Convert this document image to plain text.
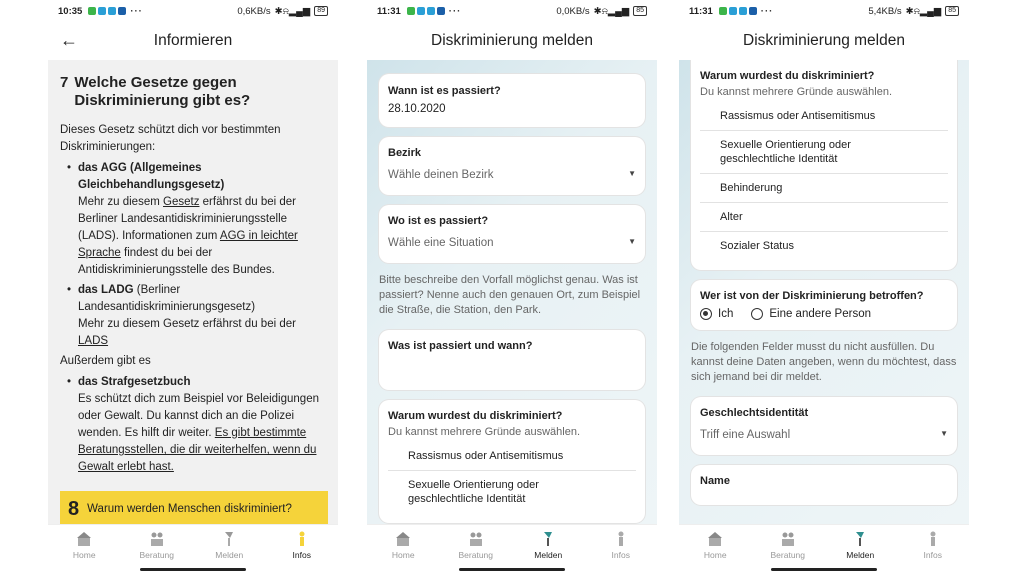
10:35	···	0,6KB/s ✱⍾▂▄▆	89
←	Informieren
7 Welche Gesetze gegen Diskriminierung gibt es?

Dieses Gesetz schützt dich vor bestimmten Diskriminierungen:

• das AGG (Allgemeines Gleichbehandlungsgesetz)
Mehr zu diesem Gesetz erfährst du bei der Berliner Landesantidiskriminierungsstelle (LADS). Informationen zum AGG in leichter Sprache findest du bei der Antidiskriminierungsstelle des Bundes.
• das LADG (Berliner Landesantidiskriminierungsgesetz)
Mehr zu diesem Gesetz erfährst du bei der LADS

Außerdem gibt es

• das Strafgesetzbuch
Es schützt dich zum Beispiel vor Beleidigungen oder Gewalt. Du kannst dich an die Polizei wenden. Es hilft dir weiter. Es gibt bestimmte Beratungsstellen, die dir weiterhelfen, wenn du Gewalt erlebt hast.
8 Warum werden Menschen diskriminiert?
Home	Beratung	Melden	Infos
11:31	···	0,0KB/s ✱⍾▂▄▆	85
Diskriminierung melden
Wann ist es passiert?
28.10.2020
Bezirk
Wähle deinen Bezirk	▼
Wo ist es passiert?
Wähle eine Situation	▼
Bitte beschreibe den Vorfall möglichst genau. Was ist passiert? Nenne auch den genauen Ort, zum Beispiel die Straße, die Station, den Park.
Was ist passiert und wann?
Warum wurdest du diskriminiert?
Du kannst mehrere Gründe auswählen.
Rassismus oder Antisemitismus
Sexuelle Orientierung oder geschlechtliche Identität
Home	Beratung	Melden	Infos
11:31	···	5,4KB/s ✱⍾▂▄▆	85
Diskriminierung melden
Warum wurdest du diskriminiert?
Du kannst mehrere Gründe auswählen.
Rassismus oder Antisemitismus
Sexuelle Orientierung oder geschlechtliche Identität
Behinderung
Alter
Sozialer Status
Wer ist von der Diskriminierung betroffen?
Ich	Eine andere Person
Die folgenden Felder musst du nicht ausfüllen. Du kannst deine Daten angeben, wenn du möchtest, dass sich jemand bei dir meldet.
Geschlechtsidentität
Triff eine Auswahl	▼
Name
Home	Beratung	Melden	Infos
